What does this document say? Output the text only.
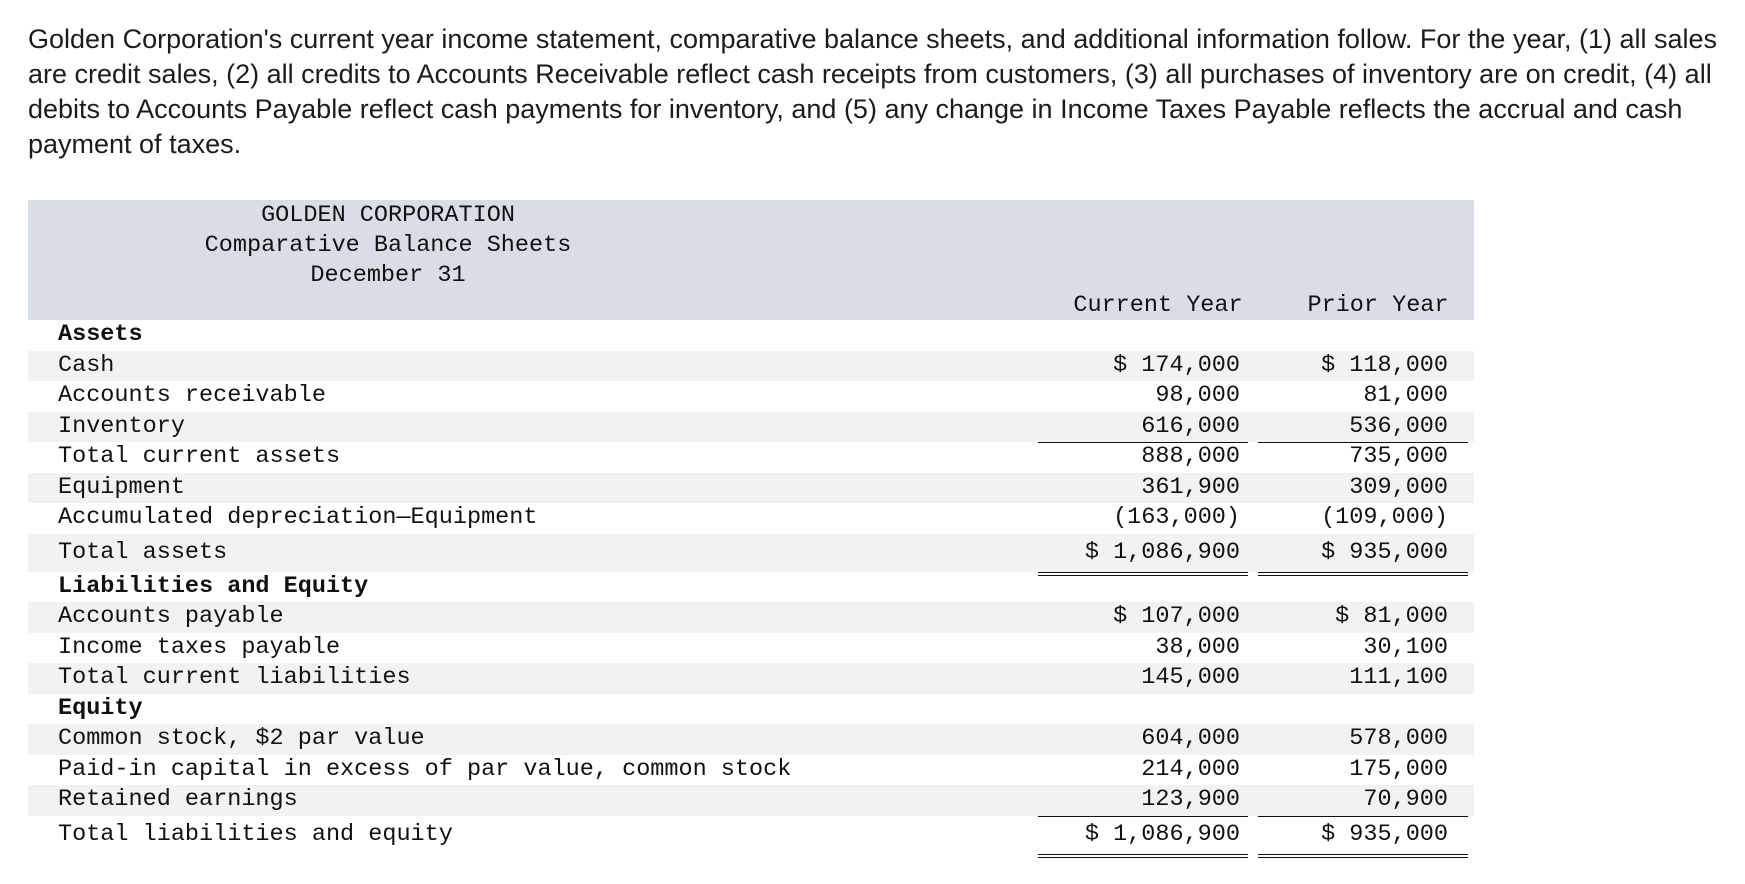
Golden Corporation's current year income statement, comparative balance sheets, and additional information follow. For the year, (1) all sales are credit sales, (2) all credits to Accounts Receivable reflect cash receipts from customers, (3) all purchases of inventory are on credit, (4) all debits to Accounts Payable reflect cash payments for inventory, and (5) any change in Income Taxes Payable reflects the accrual and cash payment of taxes.

GOLDEN CORPORATION
Comparative Balance Sheets
December 31
Current Year	Prior Year
Assets
Cash	$ 174,000	$ 118,000
Accounts receivable	98,000	81,000
Inventory	616,000	536,000
Total current assets	888,000	735,000
Equipment	361,900	309,000
Accumulated depreciation—Equipment	(163,000)	(109,000)
Total assets	$ 1,086,900	$ 935,000
Liabilities and Equity
Accounts payable	$ 107,000	$ 81,000
Income taxes payable	38,000	30,100
Total current liabilities	145,000	111,100
Equity
Common stock, $2 par value	604,000	578,000
Paid-in capital in excess of par value, common stock	214,000	175,000
Retained earnings	123,900	70,900
Total liabilities and equity	$ 1,086,900	$ 935,000
